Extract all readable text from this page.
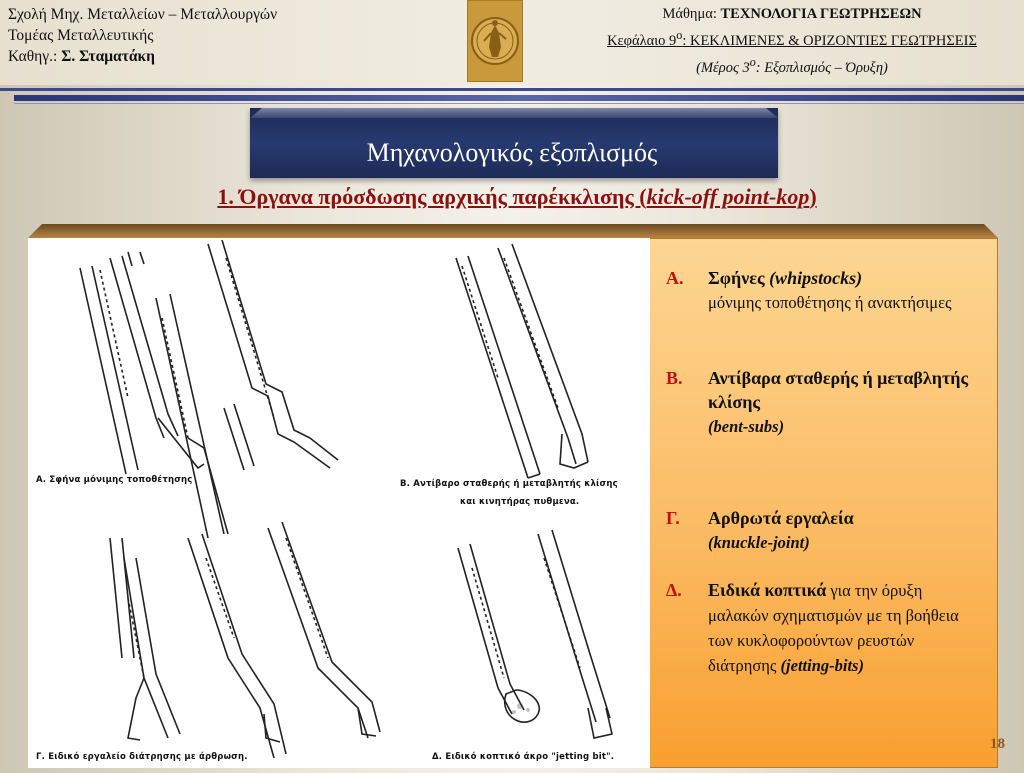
Σχολή Μηχ. Μεταλλείων – Μεταλλουργών
Τομέας Μεταλλευτικής
Καθηγ.: Σ. Σταματάκη
Μάθημα: ΤΕΧΝΟΛΟΓΙΑ ΓΕΩΤΡΗΣΕΩΝ
Κεφάλαιο $9^o$: ΚΕΚΛΙΜΕΝΕΣ & ΟΡΙΖΟΝΤΙΕΣ ΓΕΩΤΡΗΣΕΙΣ
(Μέρος $3^o$: Εξοπλισμός – Όρυξη)
Μηχανολογικός εξοπλισμός
1. Όργανα πρόσδωσης αρχικής παρέκκλισης (kick-off point-kop)
Α. Σφήνα μόνιμης τοποθέτησης	Β. Αντίβαρο σταθερής ή μεταβλητής κλίσης
και κινητήρας πυθμενα.
Γ. Ειδικό εργαλείο διάτρησης με άρθρωση.	Δ. Ειδικό κοπτικό άκρο "jetting bit".
Α. Σφήνες (whipstocks)
μόνιμης τοποθέτησης ή ανακτήσιμες
Β. Αντίβαρα σταθερής ή μεταβλητής κλίσης
(bent-subs)
Γ. Αρθρωτά εργαλεία
(knuckle-joint)
Δ. Ειδικά κοπτικά για την όρυξη μαλακών σχηματισμών με τη βοήθεια των κυκλοφορούντων ρευστών διάτρησης (jetting-bits)
18
